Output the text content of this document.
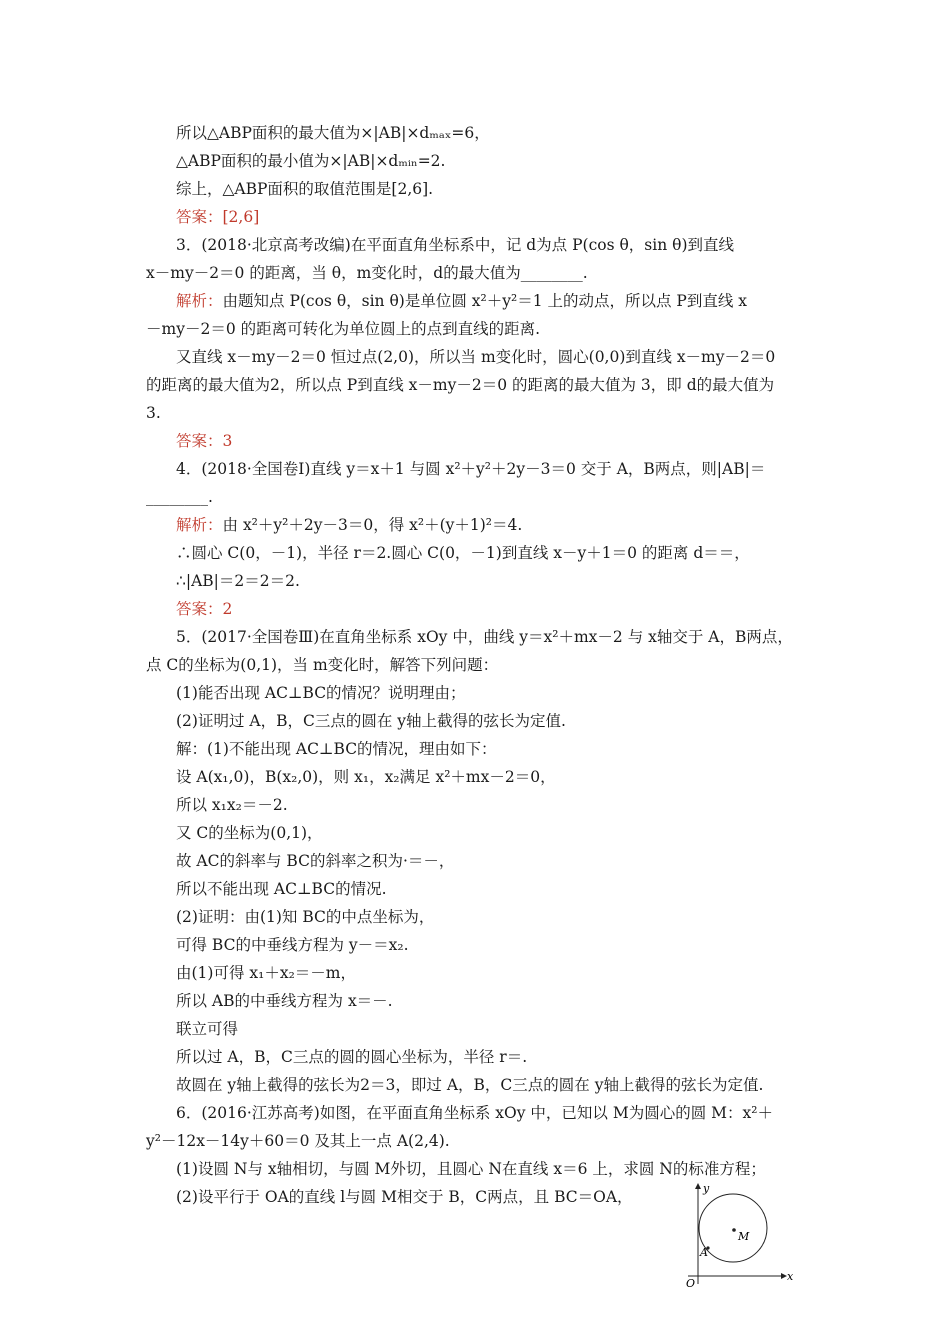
所以△ABP面积的最大值为×|AB|×dₘₐₓ=6，
△ABP面积的最小值为×|AB|×dₘᵢₙ=2.
综上，△ABP面积的取值范围是[2,6].
答案：[2,6]
3．(2018·北京高考改编)在平面直角坐标系中，记 d为点 P(cos θ，sin θ)到直线
x－my－2＝0 的距离，当 θ，m变化时，d的最大值为________.
解析：由题知点 P(cos θ，sin θ)是单位圆 x²＋y²＝1 上的动点，所以点 P到直线 x
－my－2＝0 的距离可转化为单位圆上的点到直线的距离.
又直线 x－my－2＝0 恒过点(2,0)，所以当 m变化时，圆心(0,0)到直线 x－my－2＝0
的距离的最大值为2，所以点 P到直线 x－my－2＝0 的距离的最大值为 3，即 d的最大值为
3.
答案：3
4．(2018·全国卷Ⅰ)直线 y＝x＋1 与圆 x²＋y²＋2y－3＝0 交于 A，B两点，则|AB|＝
________.
解析：由 x²＋y²＋2y－3＝0，得 x²＋(y＋1)²＝4.
∴圆心 C(0，－1)，半径 r＝2.圆心 C(0，－1)到直线 x－y＋1＝0 的距离 d＝＝，
∴|AB|＝2＝2＝2.
答案：2
5．(2017·全国卷Ⅲ)在直角坐标系 xOy 中，曲线 y＝x²＋mx－2 与 x轴交于 A，B两点，
点 C的坐标为(0,1)，当 m变化时，解答下列问题：
(1)能否出现 AC⊥BC的情况？说明理由；
(2)证明过 A，B，C三点的圆在 y轴上截得的弦长为定值.
解：(1)不能出现 AC⊥BC的情况，理由如下：
设 A(x₁,0)，B(x₂,0)，则 x₁，x₂满足 x²＋mx－2＝0，
所以 x₁x₂＝－2.
又 C的坐标为(0,1)，
故 AC的斜率与 BC的斜率之积为·＝－，
所以不能出现 AC⊥BC的情况.
(2)证明：由(1)知 BC的中点坐标为，
可得 BC的中垂线方程为 y－＝x₂.
由(1)可得 x₁＋x₂＝－m，
所以 AB的中垂线方程为 x＝－.
联立可得
所以过 A，B，C三点的圆的圆心坐标为，半径 r＝.
故圆在 y轴上截得的弦长为2＝3，即过 A，B，C三点的圆在 y轴上截得的弦长为定值.
6．(2016·江苏高考)如图，在平面直角坐标系 xOy 中，已知以 M为圆心的圆 M：x²＋
y²－12x－14y＋60＝0 及其上一点 A(2,4).
(1)设圆 N与 x轴相切，与圆 M外切，且圆心 N在直线 x＝6 上，求圆 N的标准方程；
(2)设平行于 OA的直线 l与圆 M相交于 B，C两点，且 BC＝OA，	y
x
O
M
A
